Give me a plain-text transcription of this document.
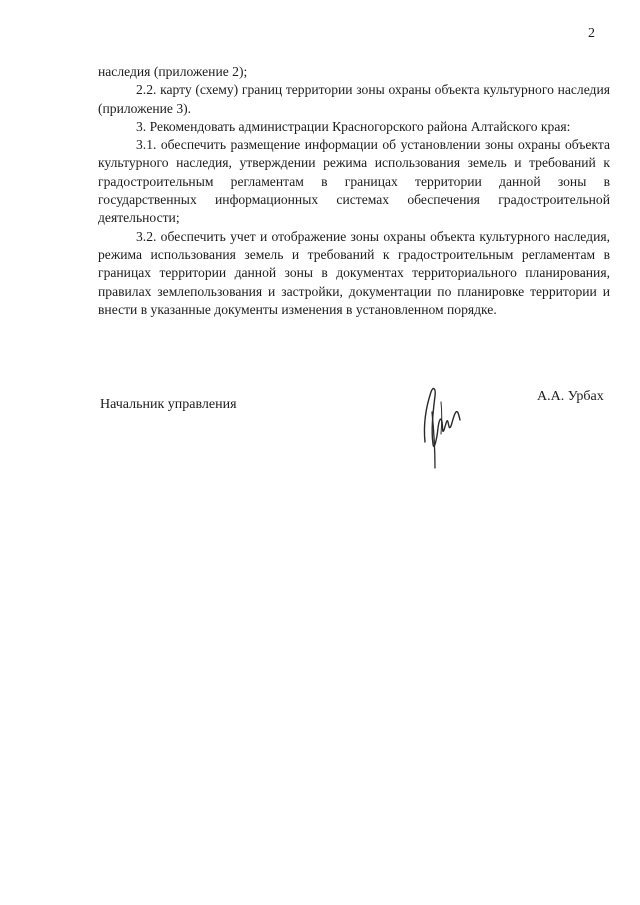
2

наследия (приложение 2);

2.2. карту (схему) границ территории зоны охраны объекта культурного наследия (приложение 3).

3. Рекомендовать администрации Красногорского района Алтайского края:

3.1. обеспечить размещение информации об установлении зоны охраны объекта культурного наследия, утверждении режима использования земель и требований к градостроительным регламентам в границах территории данной зоны в государственных информационных системах обеспечения градостроительной деятельности;

3.2. обеспечить учет и отображение зоны охраны объекта культурного наследия, режима использования земель и требований к градостроительным регламентам в границах территории данной зоны в документах территориального планирования, правилах землепользования и застройки, документации по планировке территории и внести в указанные документы изменения в установленном порядке.

Начальник управления
А.А. Урбах
